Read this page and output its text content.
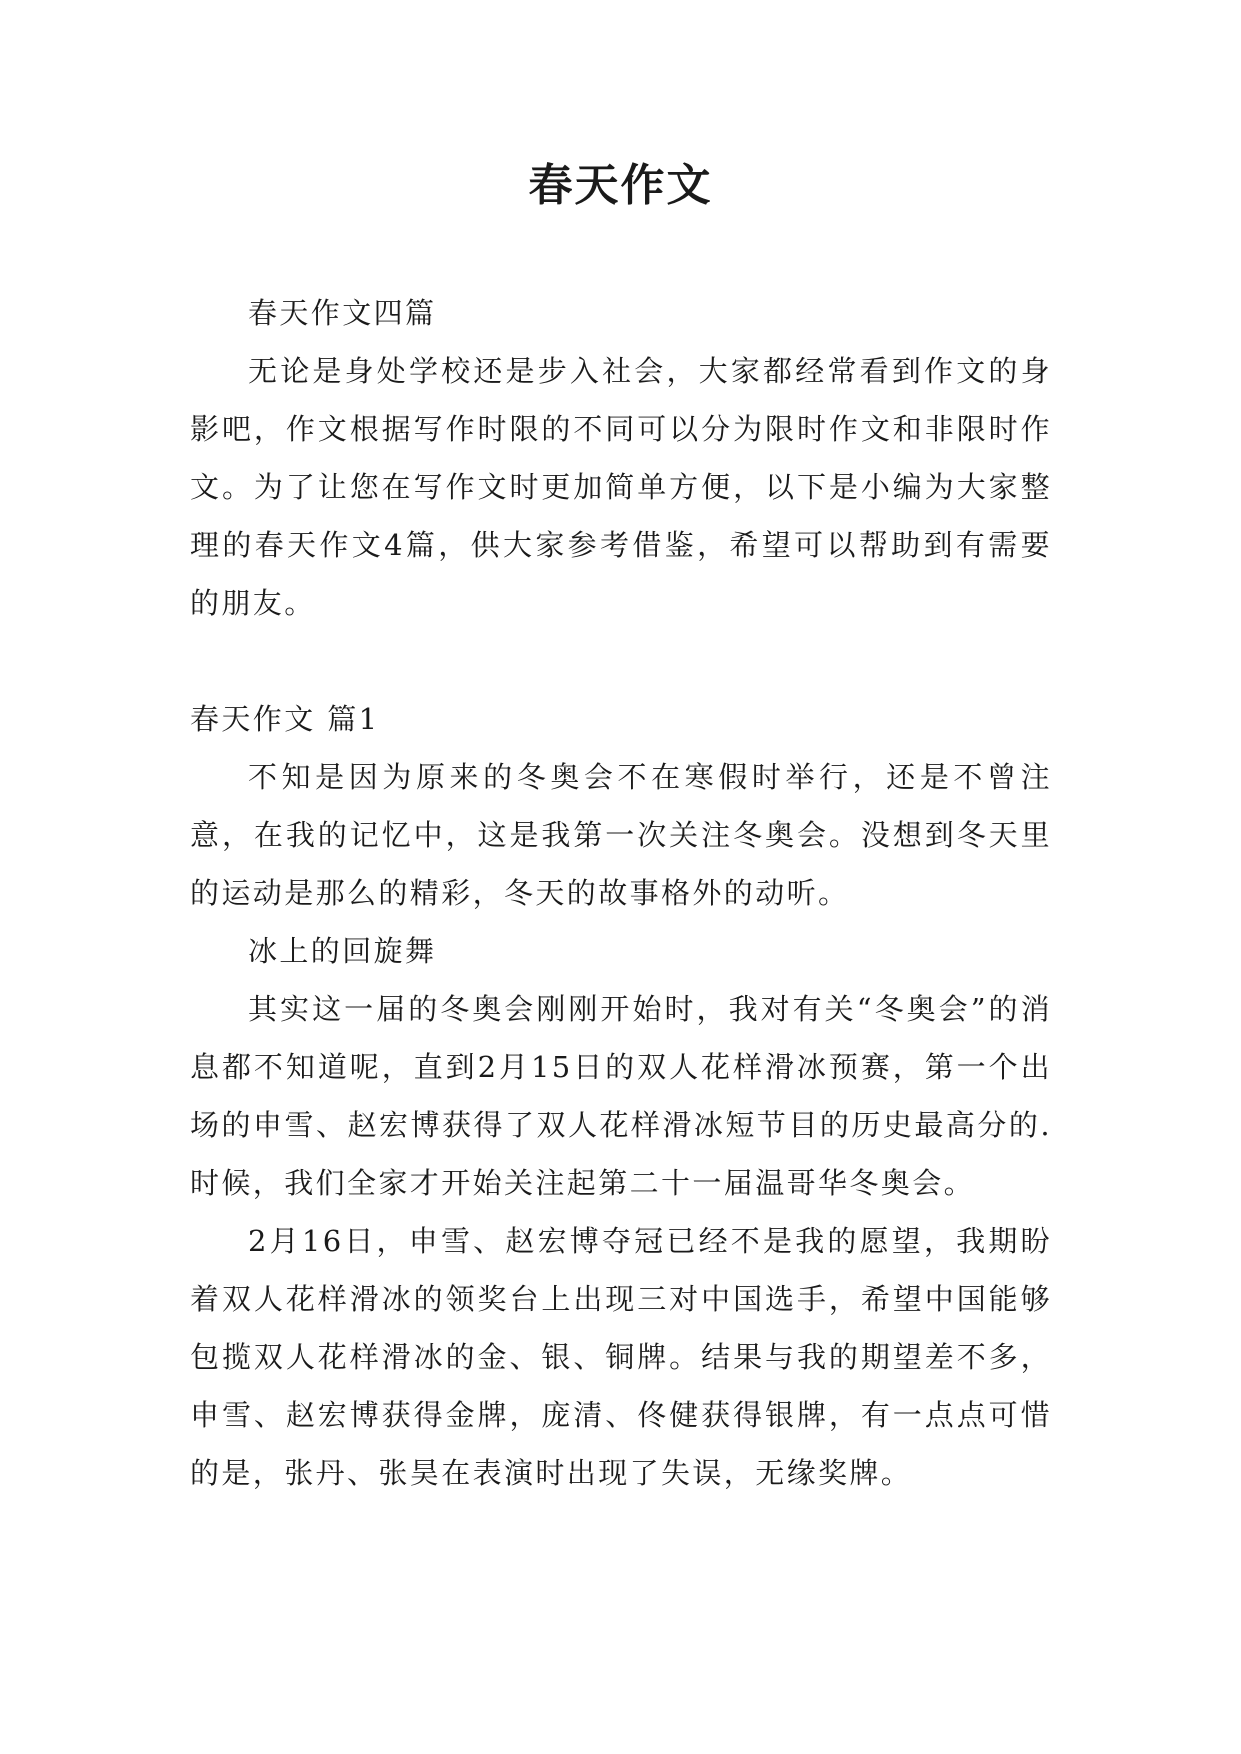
春天作文

春天作文四篇

无论是身处学校还是步入社会，大家都经常看到作文的身影吧，作文根据写作时限的不同可以分为限时作文和非限时作文。为了让您在写作文时更加简单方便，以下是小编为大家整理的春天作文4篇，供大家参考借鉴，希望可以帮助到有需要的朋友。

春天作文 篇1

不知是因为原来的冬奥会不在寒假时举行，还是不曾注意，在我的记忆中，这是我第一次关注冬奥会。没想到冬天里的运动是那么的精彩，冬天的故事格外的动听。

冰上的回旋舞

其实这一届的冬奥会刚刚开始时，我对有关“冬奥会”的消息都不知道呢，直到2月15日的双人花样滑冰预赛，第一个出场的申雪、赵宏博获得了双人花样滑冰短节目的历史最高分的.时候，我们全家才开始关注起第二十一届温哥华冬奥会。

2月16日，申雪、赵宏博夺冠已经不是我的愿望，我期盼着双人花样滑冰的领奖台上出现三对中国选手，希望中国能够包揽双人花样滑冰的金、银、铜牌。结果与我的期望差不多，申雪、赵宏博获得金牌，庞清、佟健获得银牌，有一点点可惜的是，张丹、张昊在表演时出现了失误，无缘奖牌。
